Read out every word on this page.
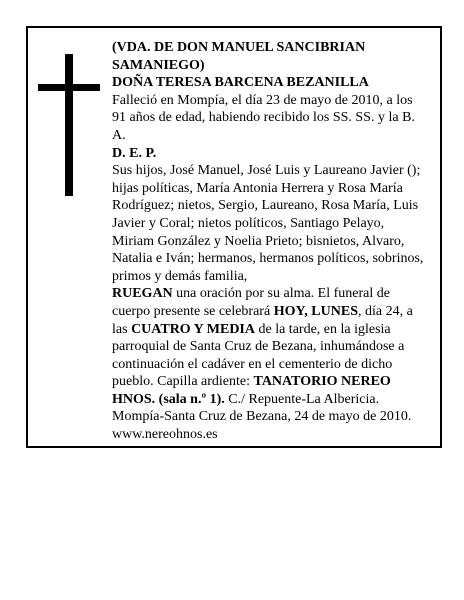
(VDA. DE DON MANUEL SANCIBRIAN SAMANIEGO)

DOÑA TERESA BARCENA BEZANILLA

Falleció en Mompía, el día 23 de mayo de 2010, a los 91 años de edad, habiendo recibido los SS. SS. y la B. A.

D. E. P.

Sus hijos, José Manuel, José Luis y Laureano Javier (); hijas políticas, María Antonia Herrera y Rosa María Rodríguez; nietos, Sergio, Laureano, Rosa María, Luis Javier y Coral; nietos políticos, Santiago Pelayo, Miriam González y Noelia Prieto; bisnietos, Alvaro, Natalia e Iván; hermanos, hermanos políticos, sobrinos, primos y demás familia,

RUEGAN una oración por su alma. El funeral de cuerpo presente se celebrará HOY, LUNES, día 24, a las CUATRO Y MEDIA de la tarde, en la iglesia parroquial de Santa Cruz de Bezana, inhumándose a continuación el cadáver en el cementerio de dicho pueblo. Capilla ardiente: TANATORIO NEREO HNOS. (sala n.º 1). C./ Repuente-La Albericia.

Mompía-Santa Cruz de Bezana, 24 de mayo de 2010.

www.nereohnos.es
